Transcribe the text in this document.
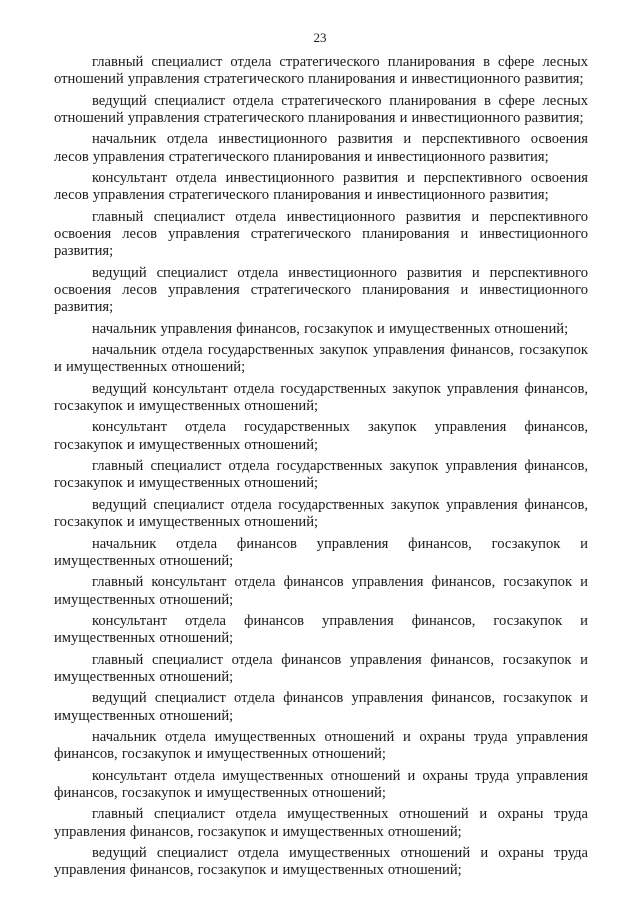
23

главный специалист отдела стратегического планирования в сфере лесных отношений управления стратегического планирования и инвестиционного развития;

ведущий специалист отдела стратегического планирования в сфере лесных отношений управления стратегического планирования и инвестиционного развития;

начальник отдела инвестиционного развития и перспективного освоения лесов управления стратегического планирования и инвестиционного развития;

консультант отдела инвестиционного развития и перспективного освоения лесов управления стратегического планирования и инвестиционного развития;

главный специалист отдела инвестиционного развития и перспективного освоения лесов управления стратегического планирования и инвестиционного развития;

ведущий специалист отдела инвестиционного развития и перспективного освоения лесов управления стратегического планирования и инвестиционного развития;

начальник управления финансов, госзакупок и имущественных отношений;

начальник отдела государственных закупок управления финансов, госзакупок и имущественных отношений;

ведущий консультант отдела государственных закупок управления финансов, госзакупок и имущественных отношений;

консультант отдела государственных закупок управления финансов, госзакупок и имущественных отношений;

главный специалист отдела государственных закупок управления финансов, госзакупок и имущественных отношений;

ведущий специалист отдела государственных закупок управления финансов, госзакупок и имущественных отношений;

начальник отдела финансов управления финансов, госзакупок и имущественных отношений;

главный консультант отдела финансов управления финансов, госзакупок и имущественных отношений;

консультант отдела финансов управления финансов, госзакупок и имущественных отношений;

главный специалист отдела финансов управления финансов, госзакупок и имущественных отношений;

ведущий специалист отдела финансов управления финансов, госзакупок и имущественных отношений;

начальник отдела имущественных отношений и охраны труда управления финансов, госзакупок и имущественных отношений;

консультант отдела имущественных отношений и охраны труда управления финансов, госзакупок и имущественных отношений;

главный специалист отдела имущественных отношений и охраны труда управления финансов, госзакупок и имущественных отношений;

ведущий специалист отдела имущественных отношений и охраны труда управления финансов, госзакупок и имущественных отношений;
